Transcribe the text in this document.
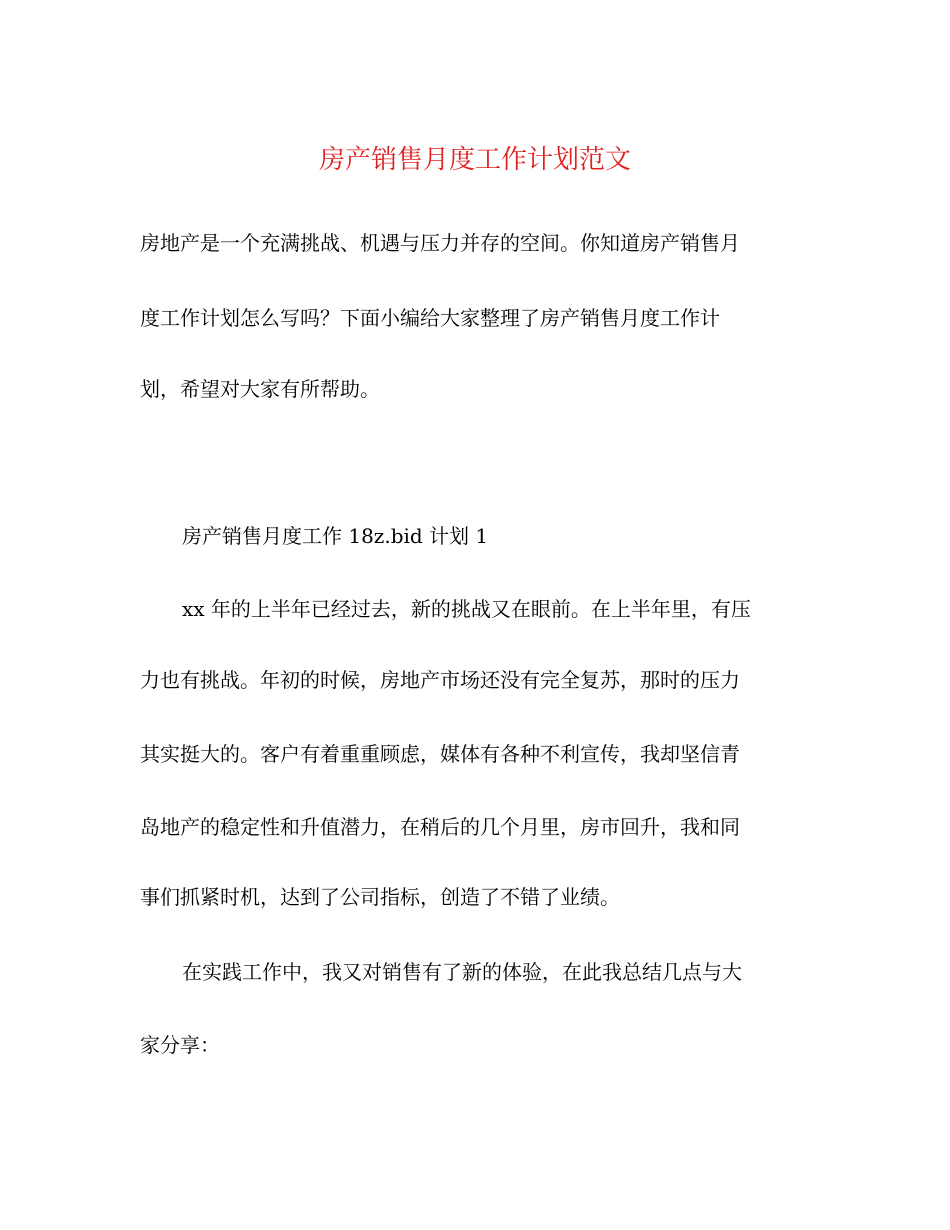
房产销售月度工作计划范文
房地产是一个充满挑战、机遇与压力并存的空间。你知道房产销售月
度工作计划怎么写吗？下面小编给大家整理了房产销售月度工作计
划，希望对大家有所帮助。
房产销售月度工作 18z.bid 计划 1
xx 年的上半年已经过去，新的挑战又在眼前。在上半年里，有压
力也有挑战。年初的时候，房地产市场还没有完全复苏，那时的压力
其实挺大的。客户有着重重顾虑，媒体有各种不利宣传，我却坚信青
岛地产的稳定性和升值潜力，在稍后的几个月里，房市回升，我和同
事们抓紧时机，达到了公司指标，创造了不错了业绩。
在实践工作中，我又对销售有了新的体验，在此我总结几点与大
家分享：
